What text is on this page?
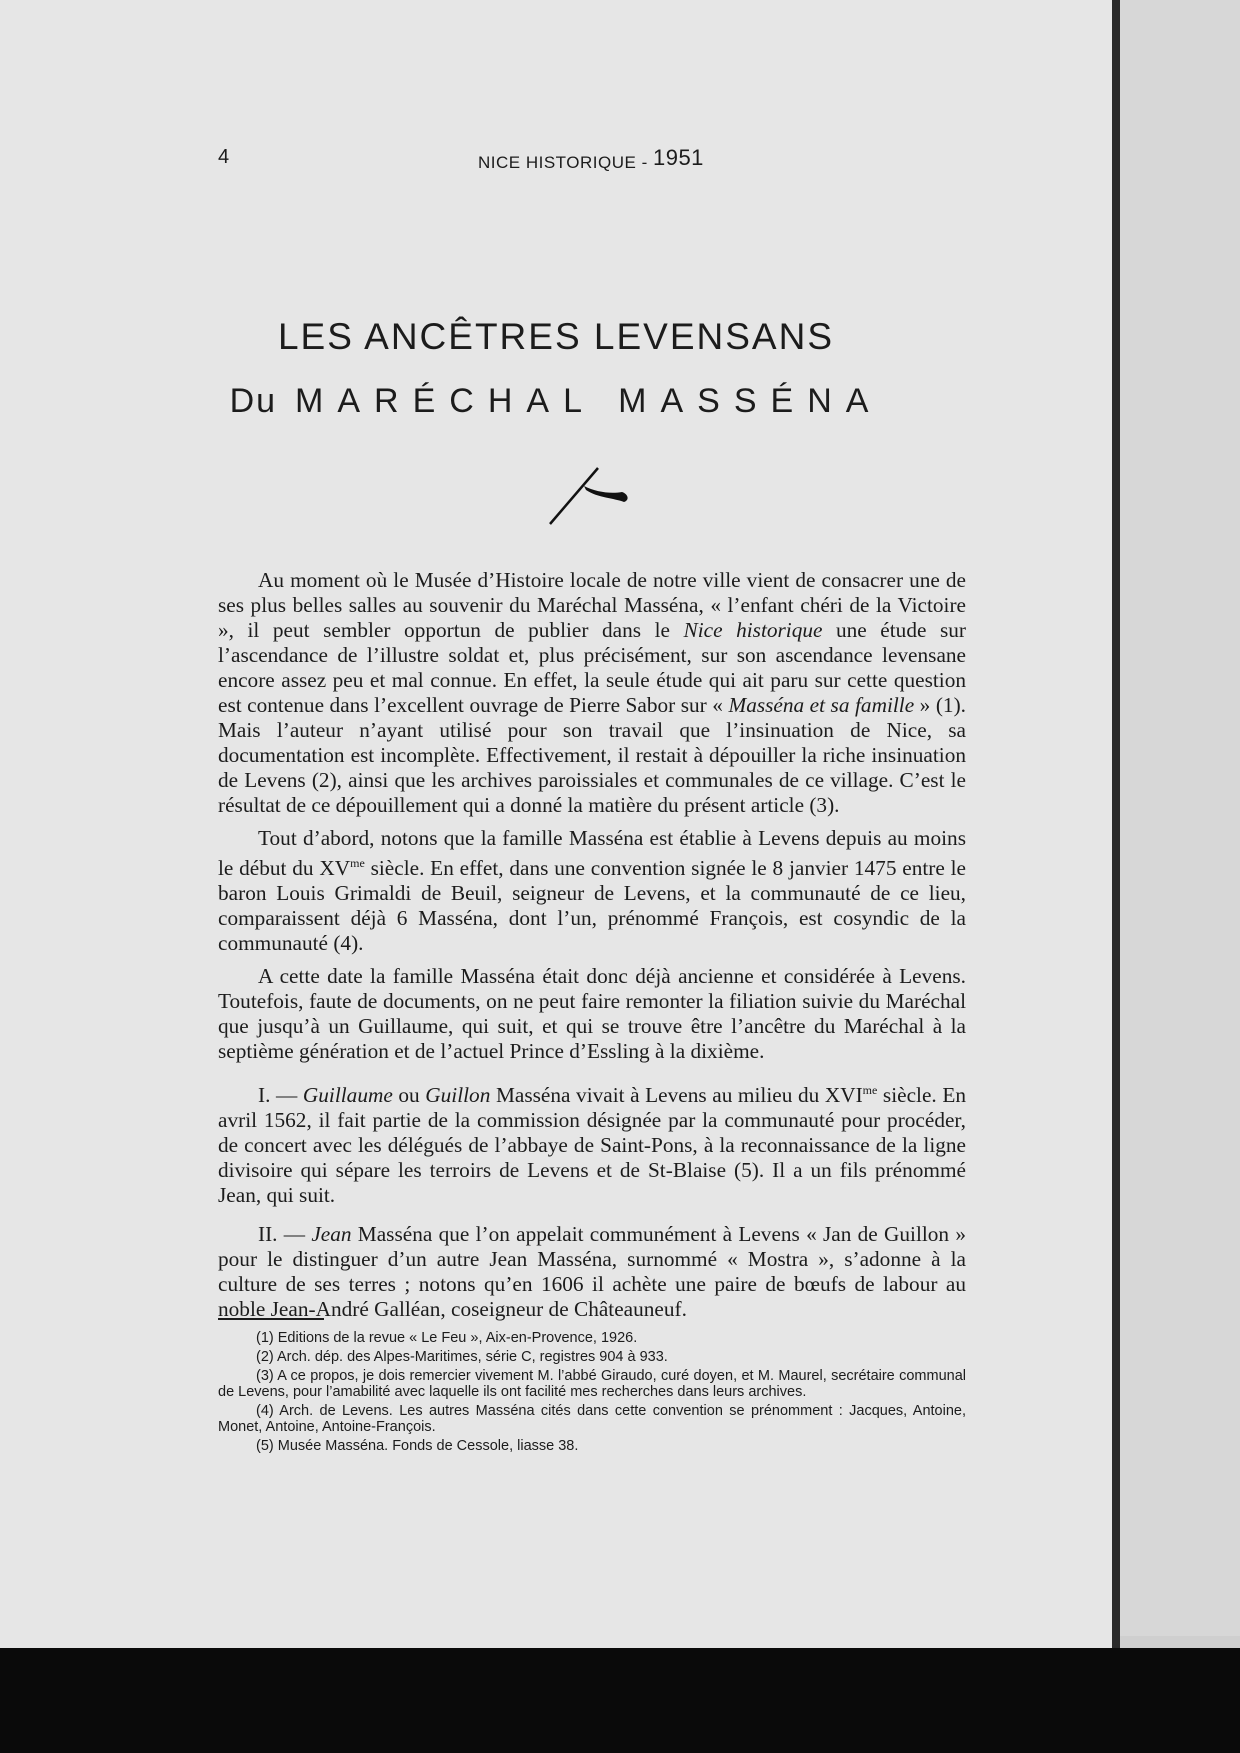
4	NICE HISTORIQUE - 1951
LES ANCÊTRES LEVENSANS
Du MARÉCHAL MASSÉNA

Au moment où le Musée d’Histoire locale de notre ville vient de consacrer une de ses plus belles salles au souvenir du Maréchal Masséna, « l’enfant chéri de la Victoire », il peut sembler opportun de publier dans le Nice historique une étude sur l’ascendance de l’illustre soldat et, plus précisément, sur son ascendance levensane encore assez peu et mal connue. En effet, la seule étude qui ait paru sur cette question est contenue dans l’excellent ouvrage de Pierre Sabor sur « Masséna et sa famille » (1). Mais l’auteur n’ayant utilisé pour son travail que l’insinuation de Nice, sa documentation est incomplète. Effectivement, il restait à dépouiller la riche insinuation de Levens (2), ainsi que les archives paroissiales et communales de ce village. C’est le résultat de ce dépouillement qui a donné la matière du présent article (3).

Tout d’abord, notons que la famille Masséna est établie à Levens depuis au moins le début du $XV^{me}$ siècle. En effet, dans une convention signée le 8 janvier 1475 entre le baron Louis Grimaldi de Beuil, seigneur de Levens, et la communauté de ce lieu, comparaissent déjà 6 Masséna, dont l’un, prénommé François, est cosyndic de la communauté (4).

A cette date la famille Masséna était donc déjà ancienne et considérée à Levens. Toutefois, faute de documents, on ne peut faire remonter la filiation suivie du Maréchal que jusqu’à un Guillaume, qui suit, et qui se trouve être l’ancêtre du Maréchal à la septième génération et de l’actuel Prince d’Essling à la dixième.

I. — Guillaume ou Guillon Masséna vivait à Levens au milieu du $XVI^{me}$ siècle. En avril 1562, il fait partie de la commission désignée par la communauté pour procéder, de concert avec les délégués de l’abbaye de Saint-Pons, à la reconnaissance de la ligne divisoire qui sépare les terroirs de Levens et de St-Blaise (5). Il a un fils prénommé Jean, qui suit.

II. — Jean Masséna que l’on appelait communément à Levens « Jan de Guillon » pour le distinguer d’un autre Jean Masséna, surnommé « Mostra », s’adonne à la culture de ses terres ; notons qu’en 1606 il achète une paire de bœufs de labour au noble Jean-André Galléan, coseigneur de Châteauneuf.

(1) Editions de la revue « Le Feu », Aix-en-Provence, 1926.

(2) Arch. dép. des Alpes-Maritimes, série C, registres 904 à 933.

(3) A ce propos, je dois remercier vivement M. l’abbé Giraudo, curé doyen, et M. Maurel, secrétaire communal de Levens, pour l’amabilité avec laquelle ils ont facilité mes recherches dans leurs archives.

(4) Arch. de Levens. Les autres Masséna cités dans cette convention se prénomment : Jacques, Antoine, Monet, Antoine, Antoine-François.

(5) Musée Masséna. Fonds de Cessole, liasse 38.
